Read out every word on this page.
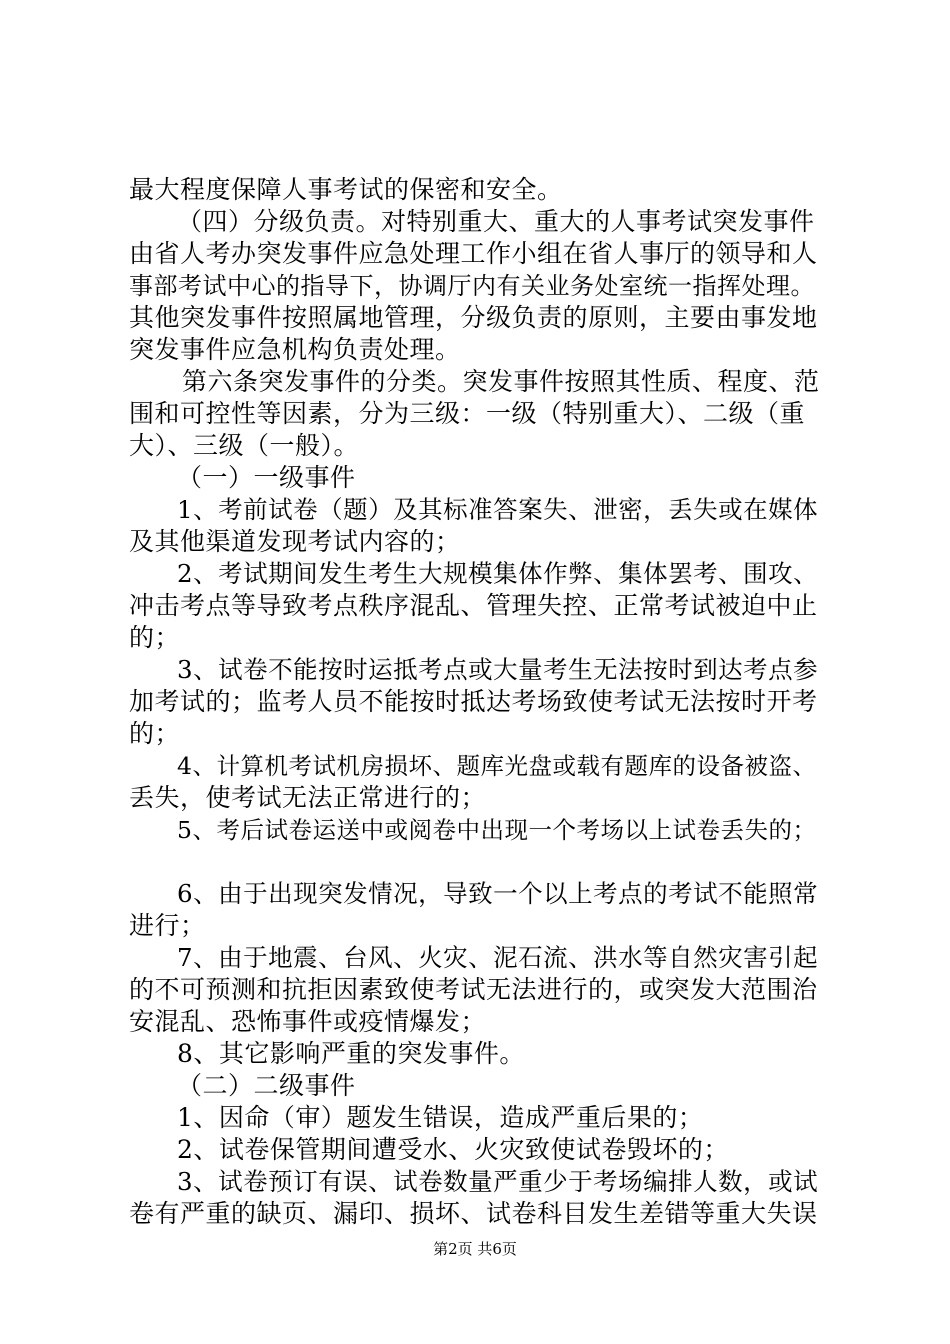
最大程度保障人事考试的保密和安全。
（四）分级负责。对特别重大、重大的人事考试突发事件
由省人考办突发事件应急处理工作小组在省人事厅的领导和人
事部考试中心的指导下，协调厅内有关业务处室统一指挥处理。
其他突发事件按照属地管理，分级负责的原则，主要由事发地
突发事件应急机构负责处理。
第六条突发事件的分类。突发事件按照其性质、程度、范
围和可控性等因素，分为三级：一级（特别重大）、二级（重
大）、三级（一般）。
（一）一级事件
1、考前试卷（题）及其标准答案失、泄密，丢失或在媒体
及其他渠道发现考试内容的；
2、考试期间发生考生大规模集体作弊、集体罢考、围攻、
冲击考点等导致考点秩序混乱、管理失控、正常考试被迫中止
的；
3、试卷不能按时运抵考点或大量考生无法按时到达考点参
加考试的；监考人员不能按时抵达考场致使考试无法按时开考
的；
4、计算机考试机房损坏、题库光盘或载有题库的设备被盗、
丢失，使考试无法正常进行的；
5、考后试卷运送中或阅卷中出现一个考场以上试卷丢失的；
6、由于出现突发情况，导致一个以上考点的考试不能照常
进行；
7、由于地震、台风、火灾、泥石流、洪水等自然灾害引起
的不可预测和抗拒因素致使考试无法进行的，或突发大范围治
安混乱、恐怖事件或疫情爆发；
8、其它影响严重的突发事件。
（二）二级事件
1、因命（审）题发生错误，造成严重后果的；
2、试卷保管期间遭受水、火灾致使试卷毁坏的；
3、试卷预订有误、试卷数量严重少于考场编排人数，或试
卷有严重的缺页、漏印、损坏、试卷科目发生差错等重大失误
第2页 共6页
